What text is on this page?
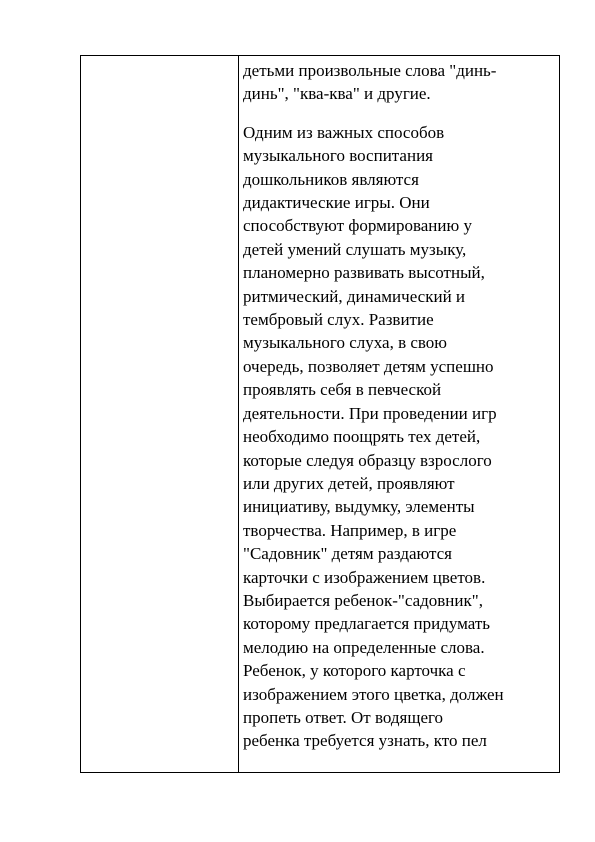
детьми произвольные слова "динь-
динь", "ква-ква" и другие.
Одним из важных способов
музыкального воспитания
дошкольников являются
дидактические игры. Они
способствуют формированию у
детей умений слушать музыку,
планомерно развивать высотный,
ритмический, динамический и
тембровый слух. Развитие
музыкального слуха, в свою
очередь, позволяет детям успешно
проявлять себя в певческой
деятельности. При проведении игр
необходимо поощрять тех детей,
которые следуя образцу взрослого
или других детей, проявляют
инициативу, выдумку, элементы
творчества. Например, в игре
"Садовник" детям раздаются
карточки с изображением цветов.
Выбирается ребенок-"садовник",
которому предлагается придумать
мелодию на определенные слова.
Ребенок, у которого карточка с
изображением этого цветка, должен
пропеть ответ. От водящего
ребенка требуется узнать, кто пел
